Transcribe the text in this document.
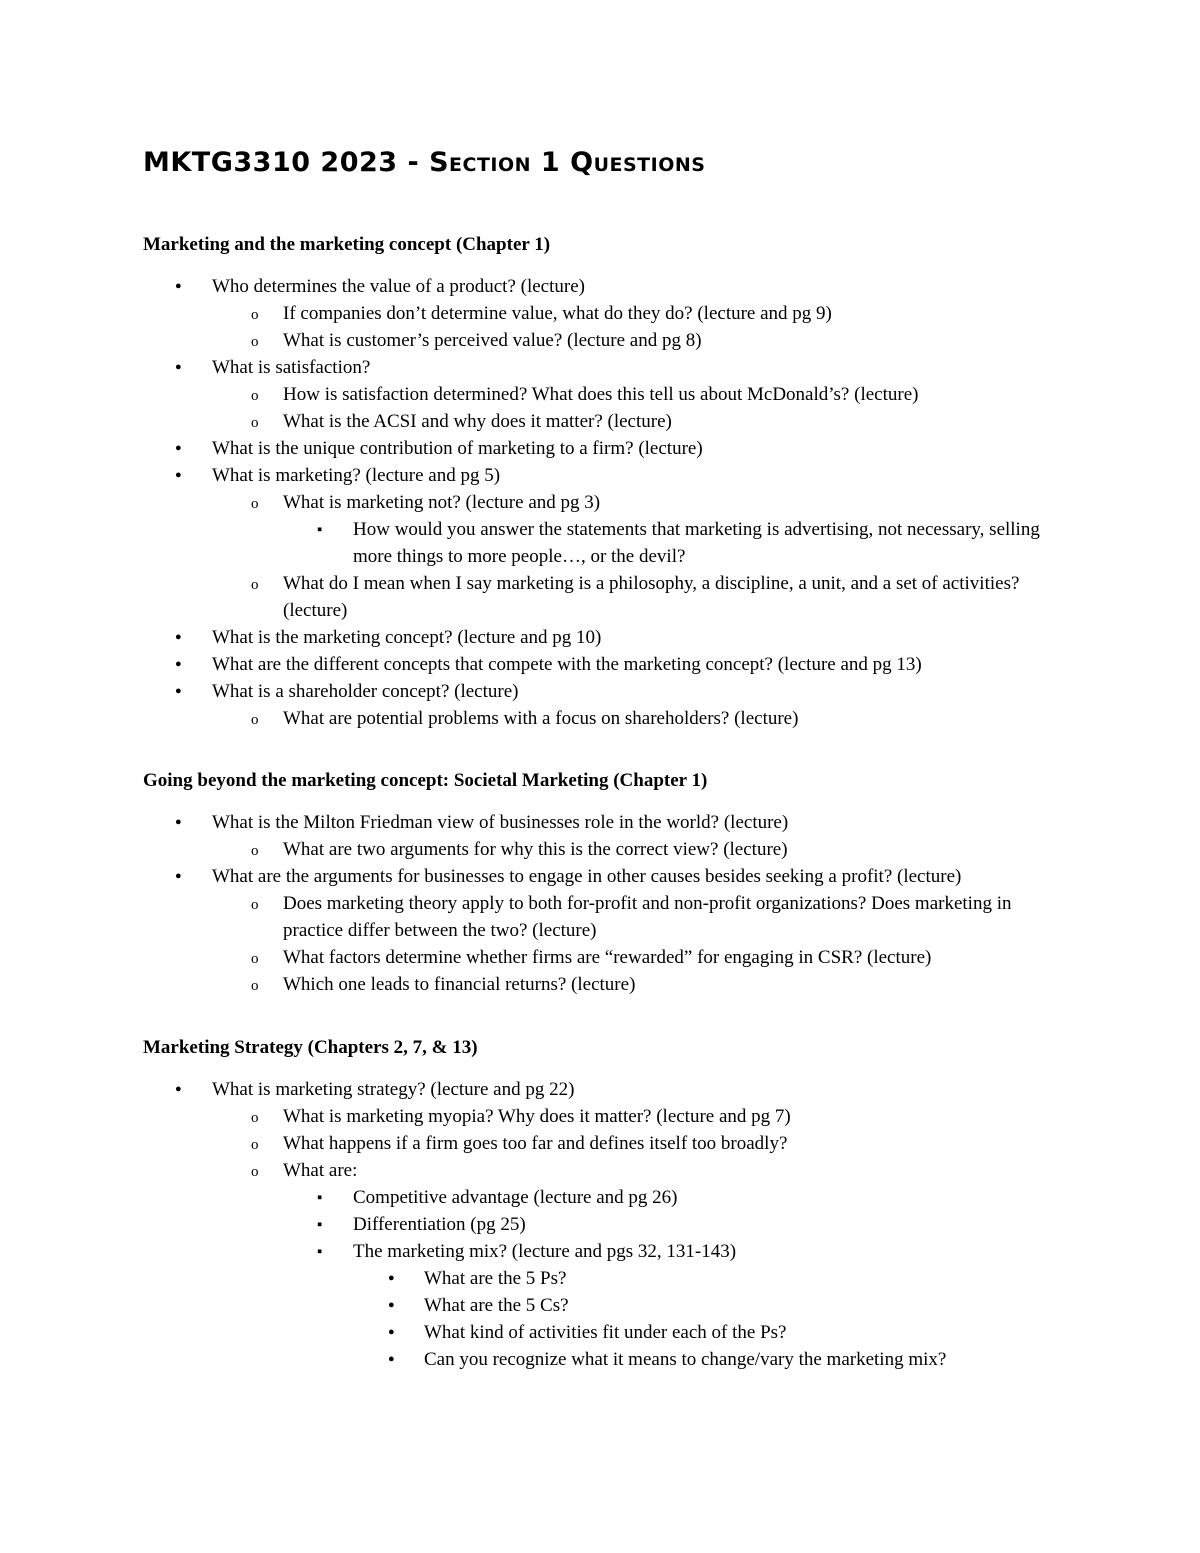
MKTG3310 2023 - Section 1 Questions
Marketing and the marketing concept (Chapter 1)
●
Who determines the value of a product? (lecture)
o
If companies don’t determine value, what do they do? (lecture and pg 9)
o
What is customer’s perceived value? (lecture and pg 8)
●
What is satisfaction?
o
How is satisfaction determined? What does this tell us about McDonald’s? (lecture)
o
What is the ACSI and why does it matter? (lecture)
●
What is the unique contribution of marketing to a firm? (lecture)
●
What is marketing? (lecture and pg 5)
o
What is marketing not? (lecture and pg 3)
▪
How would you answer the statements that marketing is advertising, not necessary, selling more things to more people…, or the devil?
o
What do I mean when I say marketing is a philosophy, a discipline, a unit, and a set of activities? (lecture)
●
What is the marketing concept? (lecture and pg 10)
●
What are the different concepts that compete with the marketing concept? (lecture and pg 13)
●
What is a shareholder concept? (lecture)
o
What are potential problems with a focus on shareholders? (lecture)
Going beyond the marketing concept: Societal Marketing (Chapter 1)
●
What is the Milton Friedman view of businesses role in the world? (lecture)
o
What are two arguments for why this is the correct view? (lecture)
●
What are the arguments for businesses to engage in other causes besides seeking a profit? (lecture)
o
Does marketing theory apply to both for-profit and non-profit organizations? Does marketing in practice differ between the two? (lecture)
o
What factors determine whether firms are “rewarded” for engaging in CSR? (lecture)
o
Which one leads to financial returns? (lecture)
Marketing Strategy (Chapters 2, 7, & 13)
●
What is marketing strategy? (lecture and pg 22)
o
What is marketing myopia? Why does it matter? (lecture and pg 7)
o
What happens if a firm goes too far and defines itself too broadly?
o
What are:
▪
Competitive advantage (lecture and pg 26)
▪
Differentiation (pg 25)
▪
The marketing mix? (lecture and pgs 32, 131-143)
●
What are the 5 Ps?
●
What are the 5 Cs?
●
What kind of activities fit under each of the Ps?
●
Can you recognize what it means to change/vary the marketing mix?
